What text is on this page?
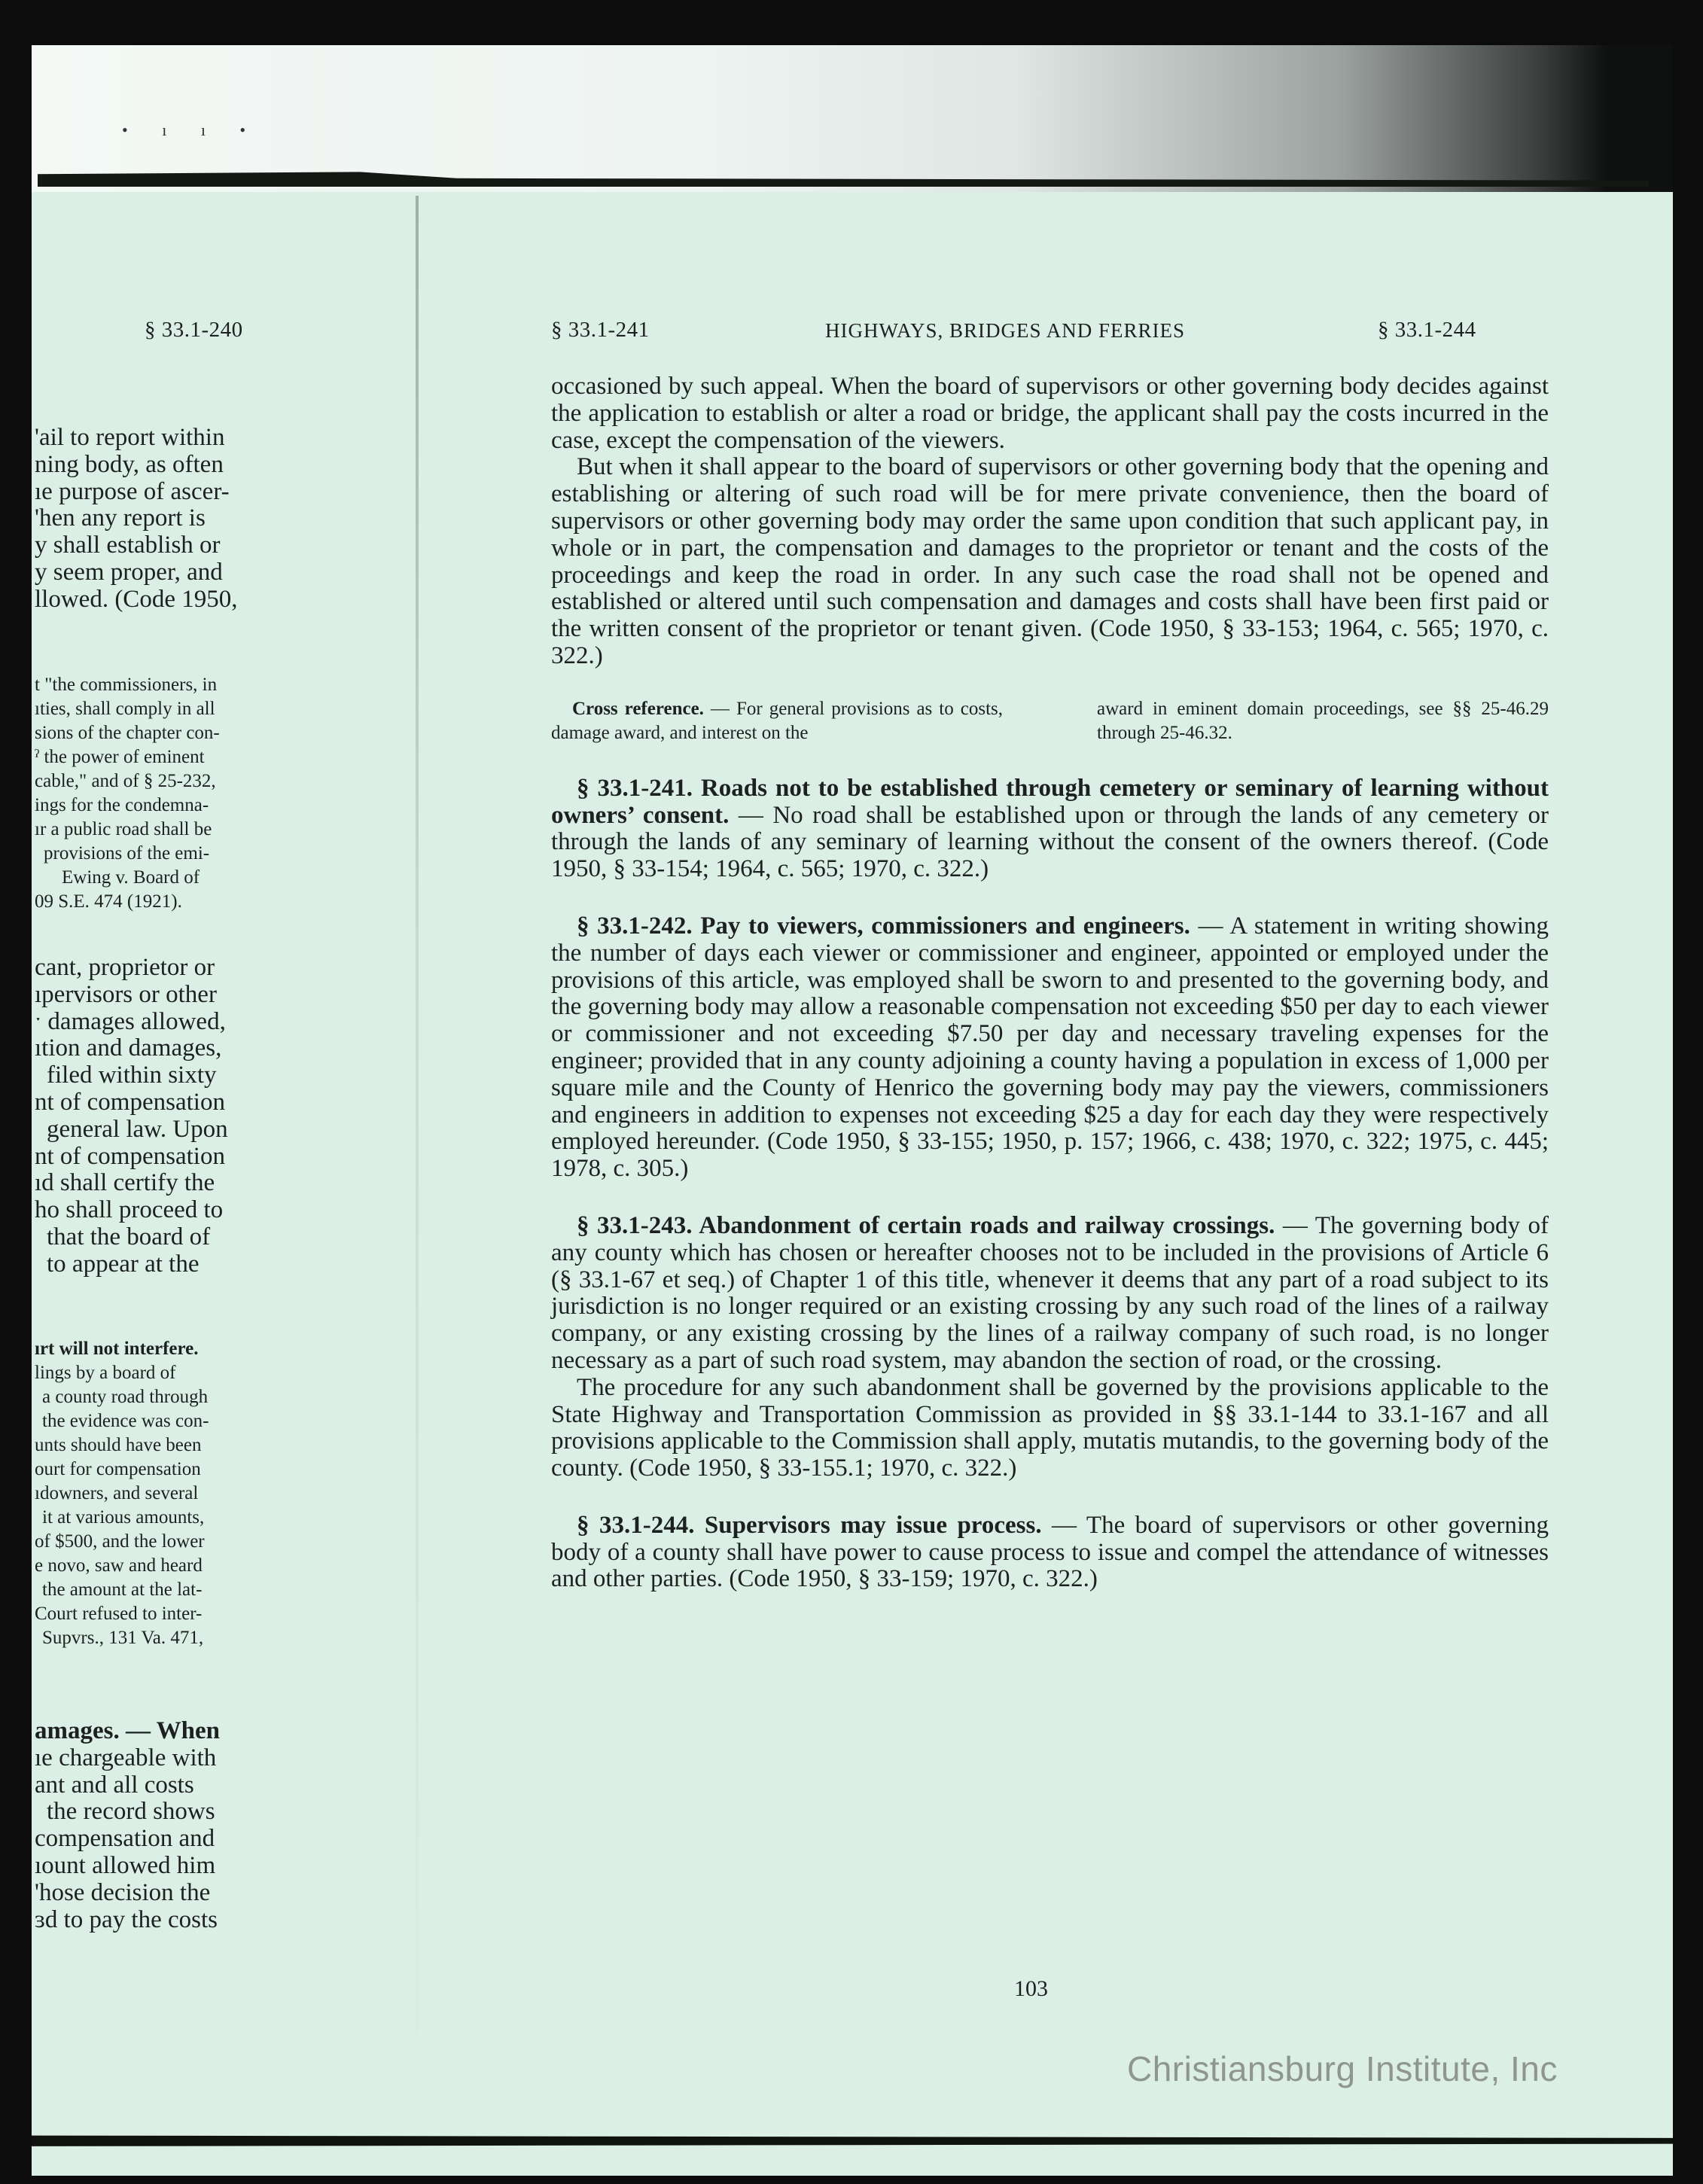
• ı ı •
§ 33.1-240	§ 33.1-241	HIGHWAYS, BRIDGES AND FERRIES	§ 33.1-244

occasioned by such appeal. When the board of supervisors or other governing body decides against the application to establish or alter a road or bridge, the applicant shall pay the costs incurred in the case, except the compensation of the viewers.

But when it shall appear to the board of supervisors or other governing body that the opening and establishing or altering of such road will be for mere private convenience, then the board of supervisors or other governing body may order the same upon condition that such applicant pay, in whole or in part, the compensation and damages to the proprietor or tenant and the costs of the proceedings and keep the road in order. In any such case the road shall not be opened and established or altered until such compensation and damages and costs shall have been first paid or the written consent of the proprietor or tenant given. (Code 1950, § 33-153; 1964, c. 565; 1970, c. 322.)

Cross reference. — For general provisions as to costs, damage award, and interest on the
award in eminent domain proceedings, see §§ 25-46.29 through 25-46.32.

§ 33.1-241. Roads not to be established through cemetery or seminary of learning without owners’ consent. — No road shall be established upon or through the lands of any cemetery or through the lands of any seminary of learning without the consent of the owners thereof. (Code 1950, § 33-154; 1964, c. 565; 1970, c. 322.)

§ 33.1-242. Pay to viewers, commissioners and engineers. — A statement in writing showing the number of days each viewer or commissioner and engineer, appointed or employed under the provisions of this article, was employed shall be sworn to and presented to the governing body, and the governing body may allow a reasonable compensation not exceeding $50 per day to each viewer or commissioner and not exceeding $7.50 per day and necessary traveling expenses for the engineer; provided that in any county adjoining a county having a population in excess of 1,000 per square mile and the County of Henrico the governing body may pay the viewers, commissioners and engineers in addition to expenses not exceeding $25 a day for each day they were respectively employed hereunder. (Code 1950, § 33-155; 1950, p. 157; 1966, c. 438; 1970, c. 322; 1975, c. 445; 1978, c. 305.)

§ 33.1-243. Abandonment of certain roads and railway crossings. — The governing body of any county which has chosen or hereafter chooses not to be included in the provisions of Article 6 (§ 33.1-67 et seq.) of Chapter 1 of this title, whenever it deems that any part of a road subject to its jurisdiction is no longer required or an existing crossing by any such road of the lines of a railway company, or any existing crossing by the lines of a railway company of such road, is no longer necessary as a part of such road system, may abandon the section of road, or the crossing.

The procedure for any such abandonment shall be governed by the provisions applicable to the State Highway and Transportation Commission as provided in §§ 33.1-144 to 33.1-167 and all provisions applicable to the Commission shall apply, mutatis mutandis, to the governing body of the county. (Code 1950, § 33-155.1; 1970, c. 322.)

§ 33.1-244. Supervisors may issue process. — The board of supervisors or other governing body of a county shall have power to cause process to issue and compel the attendance of witnesses and other parties. (Code 1950, § 33-159; 1970, c. 322.)

'ail to report within
ning body, as often
ıe purpose of ascer-
'hen any report is
y shall establish or
y seem proper, and
llowed. (Code 1950,
t "the commissioners, in
ıties, shall comply in all
sions of the chapter con-
ˀ the power of eminent
cable," and of § 25-232,
ings for the condemna-
ır a public road shall be
provisions of the emi-
Ewing v. Board of
09 S.E. 474 (1921).
cant, proprietor or
ıpervisors or other
ˑ damages allowed,
ıtion and damages,
filed within sixty
nt of compensation
general law. Upon
nt of compensation
ıd shall certify the
ho shall proceed to
that the board of
to appear at the
ırt will not interfere.
lings by a board of
a county road through
the evidence was con-
unts should have been
ourt for compensation
ıdowners, and several
it at various amounts,
of $500, and the lower
e novo, saw and heard
the amount at the lat-
Court refused to inter-
Supvrs., 131 Va. 471,
amages. — When
ıe chargeable with
ant and all costs
the record shows
compensation and
ıount allowed him
'hose decision the
ɜd to pay the costs
103
Christiansburg Institute, Inc
